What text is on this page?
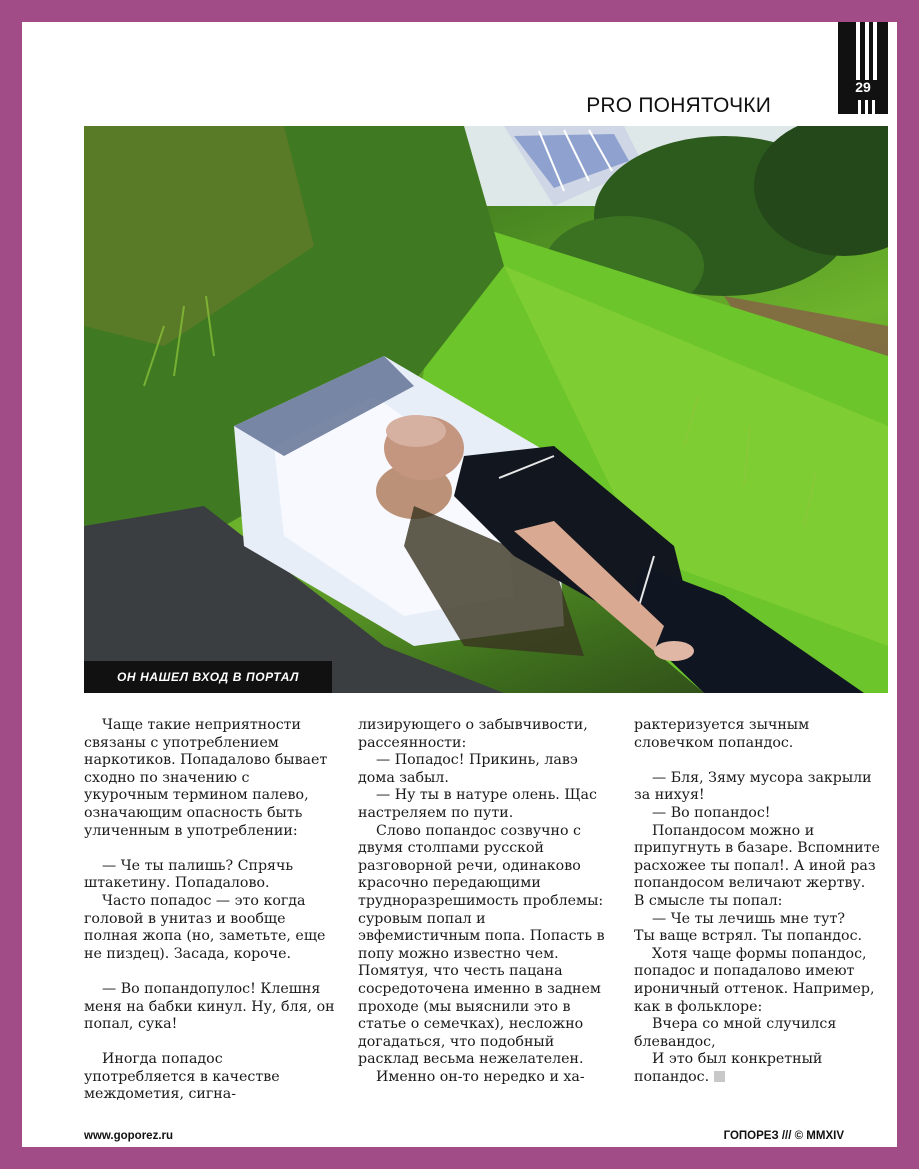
29
PRO ПОНЯТОЧКИ
ОН НАШЕЛ ВХОД В ПОРТАЛ

Чаще такие неприятности связаны с употреблением наркотиков. Попадалово бывает сходно по значению с укурочным термином палево, означающим опасность быть уличенным в употреблении:

— Че ты палишь? Спрячь штакетину. Попадалово.

Часто попадос — это когда головой в унитаз и вообще полная жопа (но, заметьте, еще не пиздец). Засада, короче.

— Во попандопулос! Клешня меня на бабки кинул. Ну, бля, он попал, сука!

Иногда попадос употребляется в качестве междометия, сигна-

лизирующего о забывчивости, рассеянности:

— Попадос! Прикинь, лавэ дома забыл.

— Ну ты в натуре олень. Щас настреляем по пути.

Слово попандос созвучно с двумя столпами русской разговорной речи, одинаково красочно передающими трудноразрешимость проблемы: суровым попал и эвфемистичным попа. Попасть в попу можно известно чем. Помятуя, что честь пацана сосредоточена именно в заднем проходе (мы выяснили это в статье о семечках), несложно догадаться, что подобный расклад весьма нежелателен.

Именно он-то нередко и ха-

рактеризуется зычным словечком попандос.

— Бля, Зяму мусора закрыли за нихуя!

— Во попандос!

Попандосом можно и припугнуть в базаре. Вспомните расхожее ты попал!. А иной раз попандосом величают жертву.

В смысле ты попал:

— Че ты лечишь мне тут?

Ты ваще встрял. Ты попандос.

Хотя чаще формы попандос, попадос и попадалово имеют ироничный оттенок. Например, как в фольклоре:

Вчера со мной случился блевандос,

И это был конкретный попандос.

www.goporez.ru	ГОПОРЕЗ /// © MMXIV
